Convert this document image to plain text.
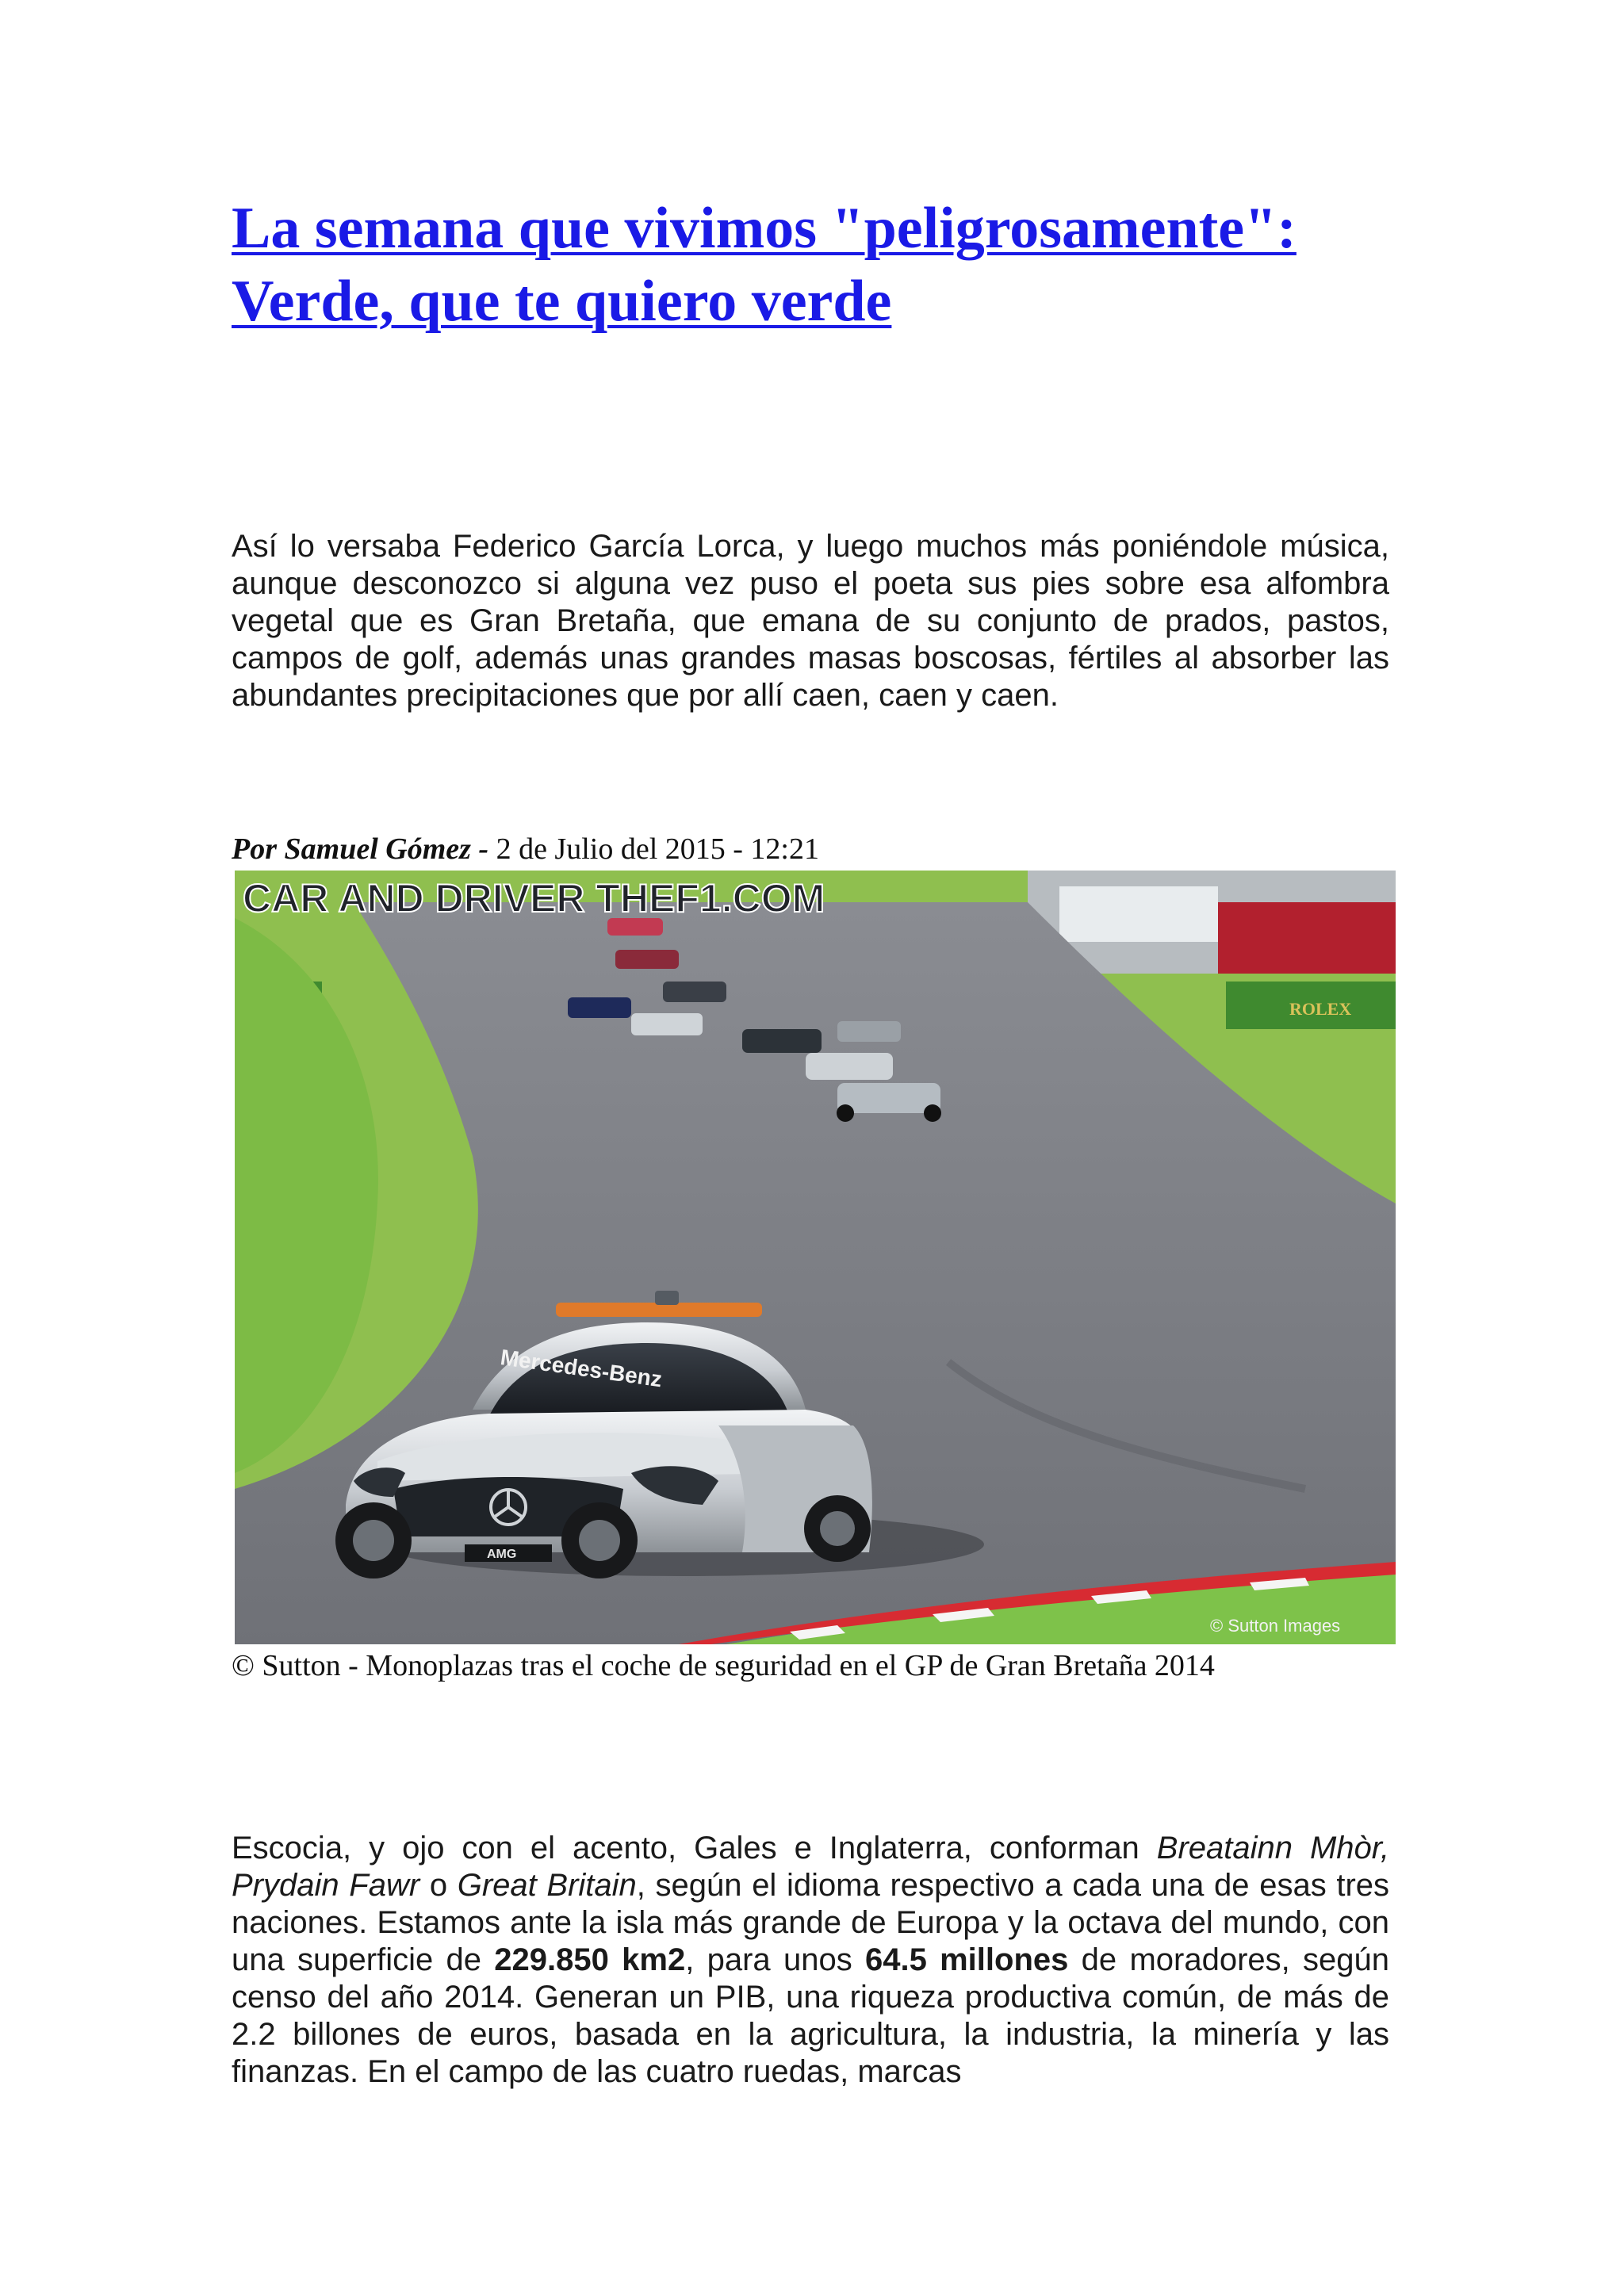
La semana que vivimos "peligrosamente": Verde, que te quiero verde

Así lo versaba Federico García Lorca, y luego muchos más poniéndole música, aunque desconozco si alguna vez puso el poeta sus pies sobre esa alfombra vegetal que es Gran Bretaña, que emana de su conjunto de prados, pastos, campos de golf, además unas grandes masas boscosas, fértiles al absorber las abundantes precipitaciones que por allí caen, caen y caen.

Por Samuel Gómez - 2 de Julio del 2015 - 12:21

ROLEX
Mercedes-Benz
AMG
CAR AND DRIVER THEF1.COM
© Sutton Images

© Sutton - Monoplazas tras el coche de seguridad en el GP de Gran Bretaña 2014

Escocia, y ojo con el acento, Gales e Inglaterra, conforman Breatainn Mhòr, Prydain Fawr o Great Britain, según el idioma respectivo a cada una de esas tres naciones. Estamos ante la isla más grande de Europa y la octava del mundo, con una superficie de 229.850 km2, para unos 64.5 millones de moradores, según censo del año 2014. Generan un PIB, una riqueza productiva común, de más de 2.2 billones de euros, basada en la agricultura, la industria, la minería y las finanzas. En el campo de las cuatro ruedas, marcas
